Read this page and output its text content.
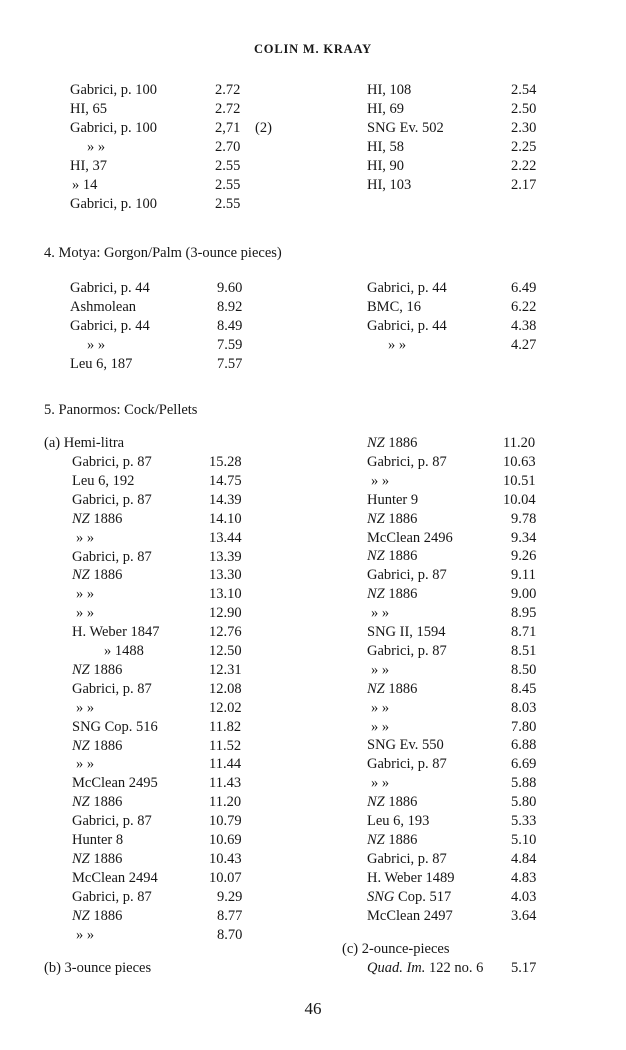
COLIN M. KRAAY
Gabrici, p. 100	2.72
HI, 65	2.72
Gabrici, p. 100	2,71 (2)
» »	2.70
HI, 37	2.55
» 14	2.55
Gabrici, p. 100	2.55
HI, 108	2.54
HI, 69	2.50
SNG Ev. 502	2.30
HI, 58	2.25
HI, 90	2.22
HI, 103	2.17
4. Motya: Gorgon/Palm (3-ounce pieces)
Gabrici, p. 44	9.60
Ashmolean	8.92
Gabrici, p. 44	8.49
» »	7.59
Leu 6, 187	7.57
Gabrici, p. 44	6.49
BMC, 16	6.22
Gabrici, p. 44	4.38
» »	4.27
5. Panormos: Cock/Pellets
(a) Hemi-litra
Gabrici, p. 87	15.28
Leu 6, 192	14.75
Gabrici, p. 87	14.39
NZ 1886	14.10
» »	13.44
Gabrici, p. 87	13.39
NZ 1886	13.30
» »	13.10
» »	12.90
H. Weber 1847	12.76
» 1488	12.50
NZ 1886	12.31
Gabrici, p. 87	12.08
» »	12.02
SNG Cop. 516	11.82
NZ 1886	11.52
» »	11.44
McClean 2495	11.43
NZ 1886	11.20
Gabrici, p. 87	10.79
Hunter 8	10.69
NZ 1886	10.43
McClean 2494	10.07
Gabrici, p. 87	9.29
NZ 1886	8.77
» »	8.70
NZ 1886	11.20
Gabrici, p. 87	10.63
» »	10.51
Hunter 9	10.04
NZ 1886	9.78
McClean 2496	9.34
NZ 1886	9.26
Gabrici, p. 87	9.11
NZ 1886	9.00
» »	8.95
SNG II, 1594	8.71
Gabrici, p. 87	8.51
» »	8.50
NZ 1886	8.45
» »	8.03
» »	7.80
SNG Ev. 550	6.88
Gabrici, p. 87	6.69
» »	5.88
NZ 1886	5.80
Leu 6, 193	5.33
NZ 1886	5.10
Gabrici, p. 87	4.84
H. Weber 1489	4.83
SNG Cop. 517	4.03
McClean 2497	3.64
(c) 2-ounce-pieces
(b) 3-ounce pieces	Quad. Im. 122 no. 6 5.17
46
